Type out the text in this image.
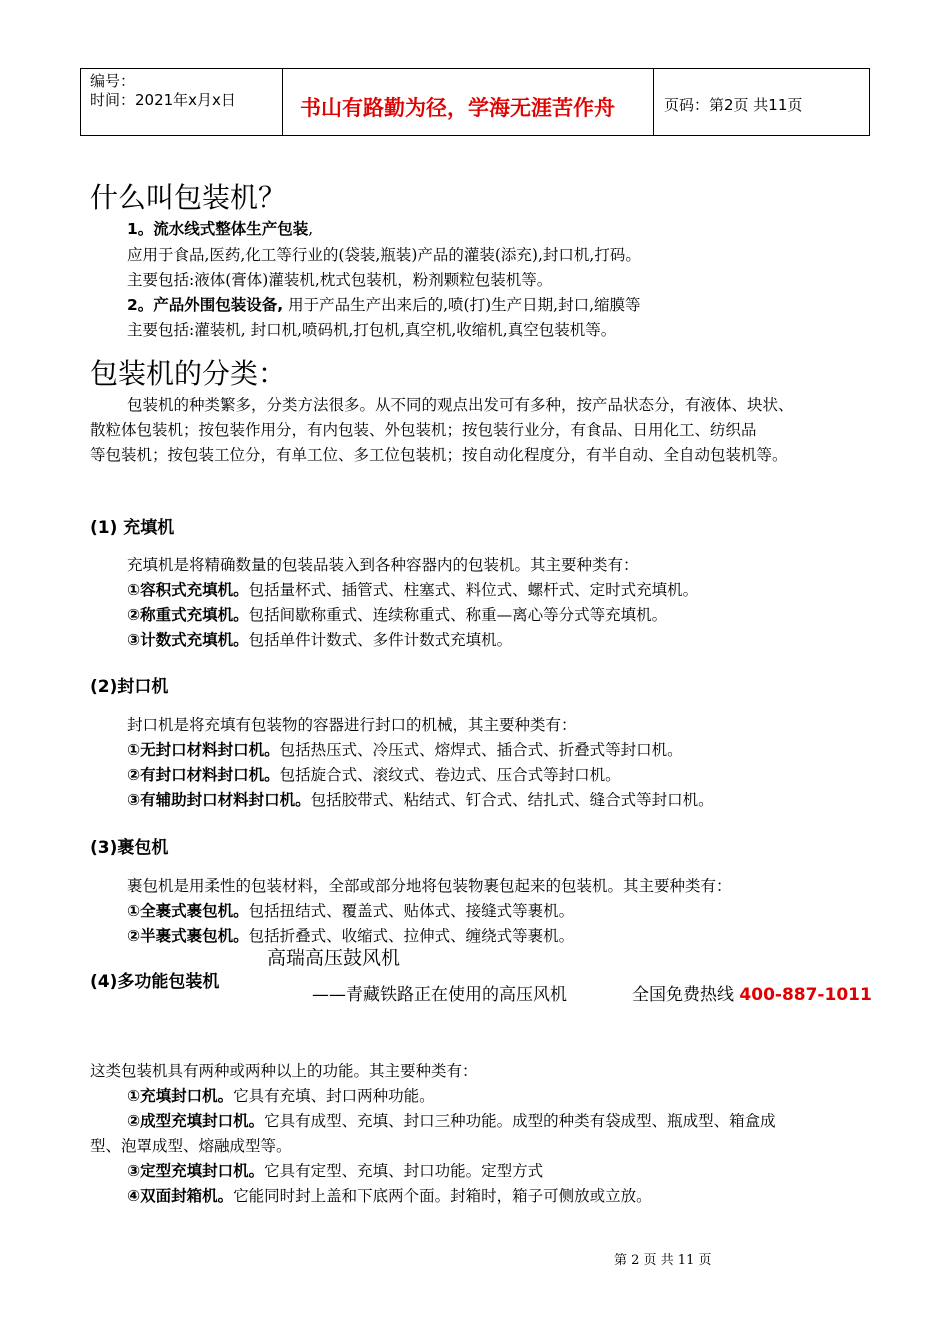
编号：
时间：2021年x月x日	书山有路勤为径，学海无涯苦作舟	页码：第2页 共11页
什么叫包装机？
1。流水线式整体生产包装,
应用于食品,医药,化工等行业的(袋装,瓶装)产品的灌装(添充),封口机,打码。
主要包括:液体(膏体)灌装机,枕式包装机，粉剂颗粒包装机等。
2。产品外围包装设备, 用于产品生产出来后的,喷(打)生产日期,封口,缩膜等
主要包括:灌装机, 封口机,喷码机,打包机,真空机,收缩机,真空包装机等。
包装机的分类：
包装机的种类繁多，分类方法很多。从不同的观点出发可有多种，按产品状态分，有液体、块状、
散粒体包装机；按包装作用分，有内包装、外包装机；按包装行业分，有食品、日用化工、纺织品
等包装机；按包装工位分，有单工位、多工位包装机；按自动化程度分，有半自动、全自动包装机等。
(1) 充填机
充填机是将精确数量的包装品装入到各种容器内的包装机。其主要种类有：
①容积式充填机。包括量杯式、插管式、柱塞式、料位式、螺杆式、定时式充填机。
②称重式充填机。包括间歇称重式、连续称重式、称重—离心等分式等充填机。
③计数式充填机。包括单件计数式、多件计数式充填机。
(2)封口机
封口机是将充填有包装物的容器进行封口的机械，其主要种类有：
①无封口材料封口机。包括热压式、冷压式、熔焊式、插合式、折叠式等封口机。
②有封口材料封口机。包括旋合式、滚纹式、卷边式、压合式等封口机。
③有辅助封口材料封口机。包括胶带式、粘结式、钉合式、结扎式、缝合式等封口机。
(3)裹包机
裹包机是用柔性的包装材料，全部或部分地将包装物裹包起来的包装机。其主要种类有：
①全裹式裹包机。包括扭结式、覆盖式、贴体式、接缝式等裹机。
②半裹式裹包机。包括折叠式、收缩式、拉伸式、缠绕式等裹机。
高瑞高压鼓风机
——青藏铁路正在使用的高压风机	全国免费热线 400-887-1011
(4)多功能包装机
这类包装机具有两种或两种以上的功能。其主要种类有：
①充填封口机。它具有充填、封口两种功能。
②成型充填封口机。它具有成型、充填、封口三种功能。成型的种类有袋成型、瓶成型、箱盒成
型、泡罩成型、熔融成型等。
③定型充填封口机。它具有定型、充填、封口功能。定型方式
④双面封箱机。它能同时封上盖和下底两个面。封箱时，箱子可侧放或立放。
第 2 页 共 11 页
